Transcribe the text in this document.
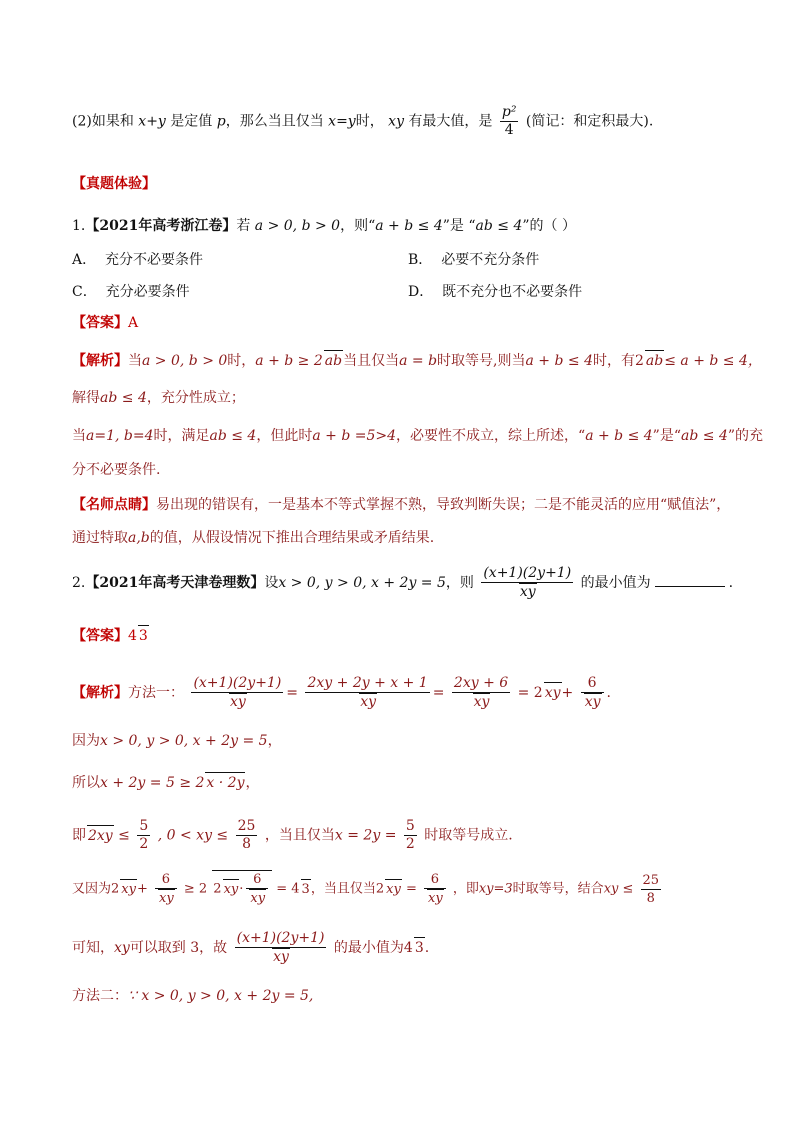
(2)如果和 x+y 是定值 p，那么当且仅当 x=y时， xy 有最大值，是 $\frac{\text{p²}}{4}$ (简记：和定积最大).
【真题体验】
1.【2021年高考浙江卷】若 a > 0, b > 0，则“a + b ≤ 4”是 “ab ≤ 4”的（ ）
A． 充分不必要条件	B． 必要不充分条件
C． 充分必要条件	D． 既不充分也不必要条件
【答案】A
【解析】当a > 0, b > 0时，a + b ≥ 2 ab当且仅当a = b时取等号,则当a + b ≤ 4时，有2 ab≤ a + b ≤ 4，
解得ab ≤ 4，充分性成立；
当a=1, b=4时，满足ab ≤ 4，但此时a + b =5>4，必要性不成立，综上所述，“a + b ≤ 4”是“ab ≤ 4”的充
分不必要条件.
【名师点睛】易出现的错误有，一是基本不等式掌握不熟，导致判断失误；二是不能灵活的应用“赋值法”，
通过特取a,b的值，从假设情况下推出合理结果或矛盾结果.
2.【2021年高考天津卷理数】设x > 0, y > 0, x + 2y = 5，则 $\frac{(x+1)(2y+1)}{xy}$ 的最小值为	.
【答案】4 3
【解析】方法一： $\frac{(x+1)(2y+1)}{xy} = \frac{2xy + 2y + x + 1}{xy} = \frac{2xy + 6}{xy} = 2$ $xy+ \frac{6}{xy}$ .
因为x > 0, y > 0, x + 2y = 5，
所以x + 2y = 5 ≥ 2 x · 2y，
即 $2xy \le \frac{5}{2}$ , 0 < xy ≤ $\frac{25}{8}$ ，当且仅当$x = 2y = \frac{5}{2}$ 时取等号成立.
又因为2 $xy+ \frac{6}{xy} \ge 2$ 2 $xy\cdot \frac{6}{xy} = 4$ 3，当且仅当2 xy = $\frac{6}{xy}$ ，即xy=3时取等号，结合xy ≤ $\frac{25}{8}$
可知，xy可以取到 3，故 $\frac{(x+1)(2y+1)}{xy}$ 的最小值为4 3.
方法二：∵ x > 0, y > 0, x + 2y = 5,
